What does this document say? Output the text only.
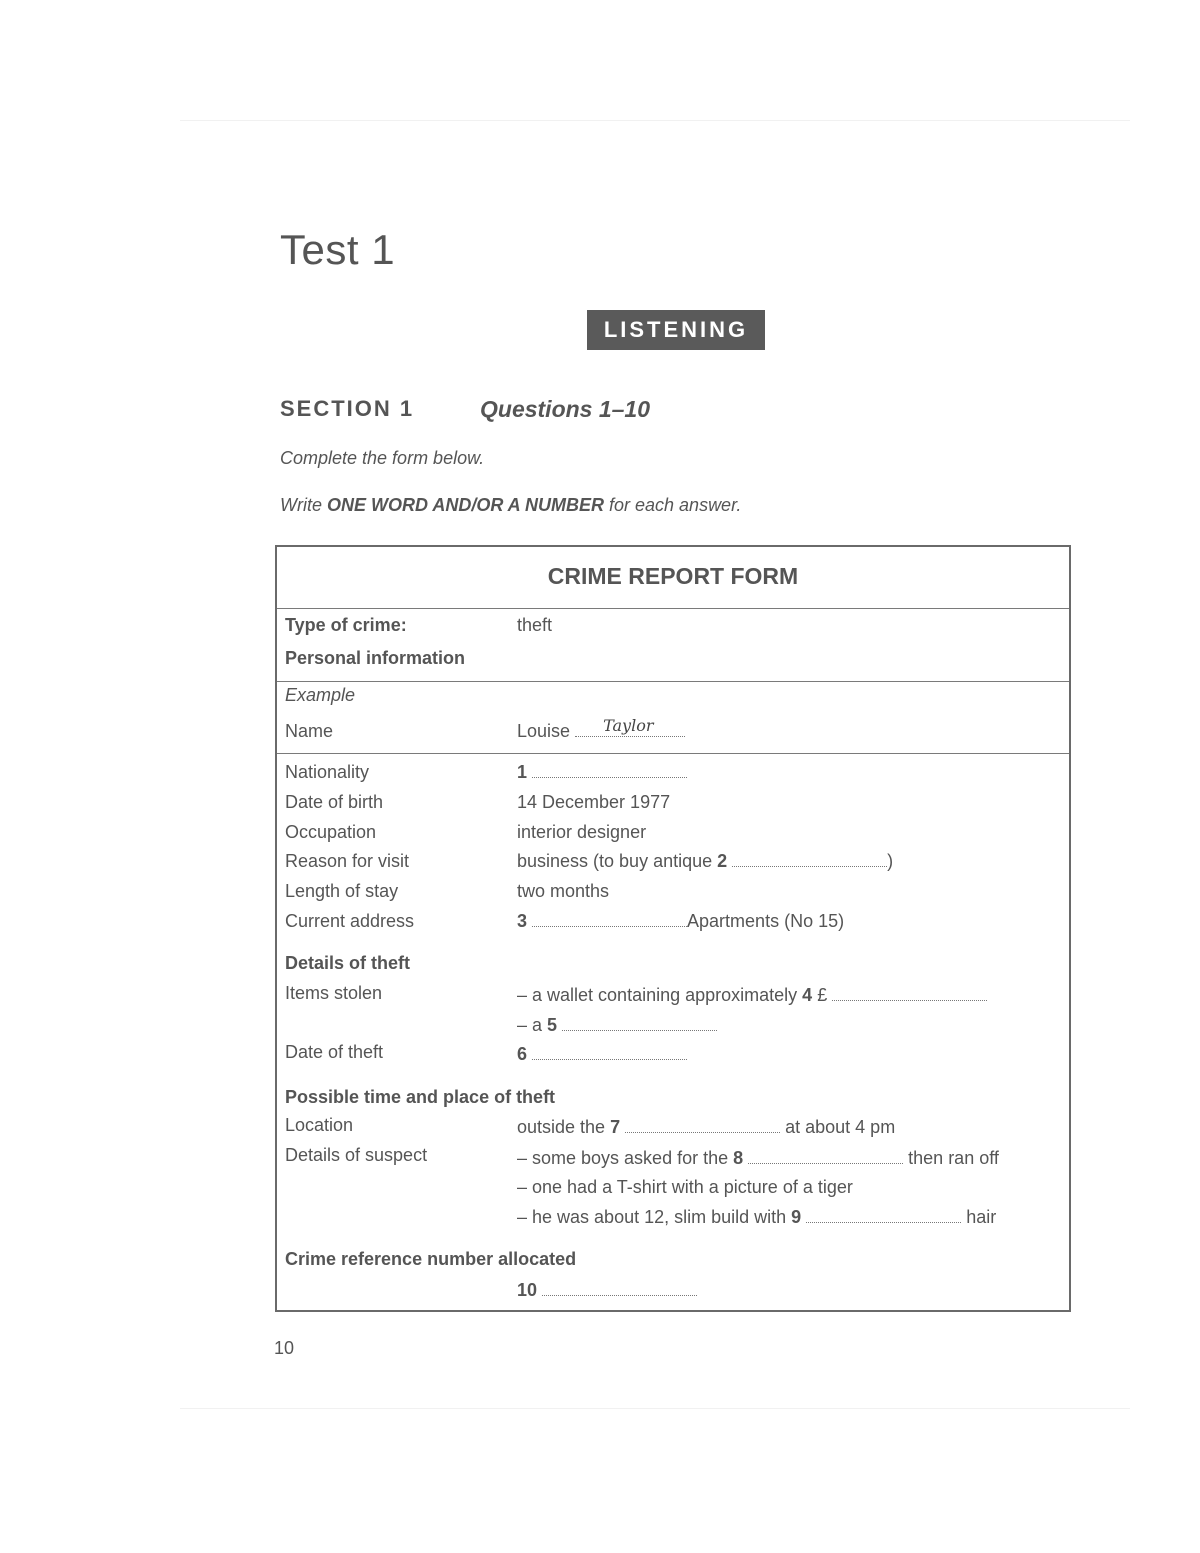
Test 1
LISTENING
SECTION 1	Questions 1–10
Complete the form below.
Write ONE WORD AND/OR A NUMBER for each answer.
CRIME REPORT FORM
Type of crime:	theft
Personal information
Example
Name	Louise Taylor
Nationality	1
Date of birth	14 December 1977
Occupation	interior designer
Reason for visit	business (to buy antique 2	)
Length of stay	two months
Current address	3	Apartments (No 15)
Details of theft
Items stolen	– a wallet containing approximately 4 £
– a 5
Date of theft	6
Possible time and place of theft
Location	outside the 7	at about 4 pm
Details of suspect	– some boys asked for the 8	then ran off
– one had a T-shirt with a picture of a tiger
– he was about 12, slim build with 9	hair
Crime reference number allocated
10
10
